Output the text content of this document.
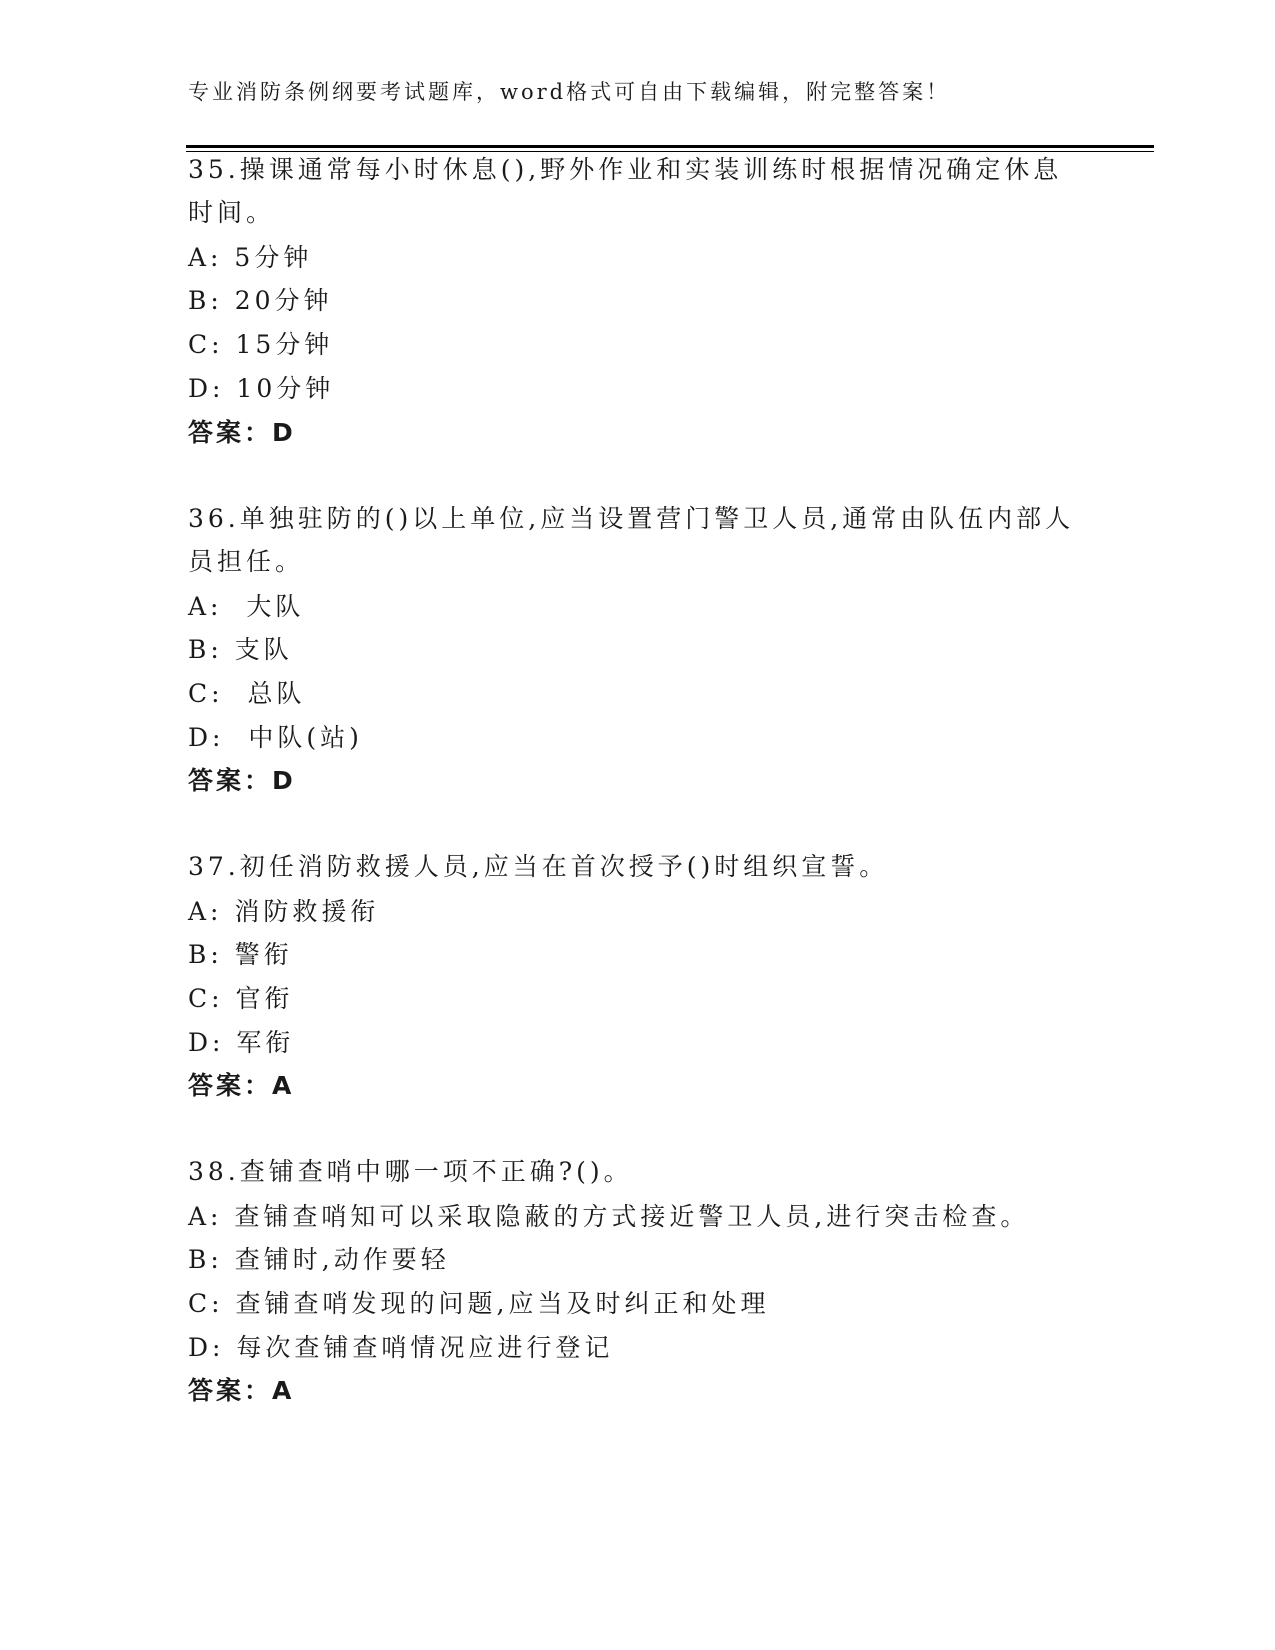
专业消防条例纲要考试题库，word格式可自由下载编辑，附完整答案！
35.操课通常每小时休息(),野外作业和实装训练时根据情况确定休息
时间。
A: 5分钟
B: 20分钟
C: 15分钟
D: 10分钟
答案：D
36.单独驻防的()以上单位,应当设置营门警卫人员,通常由队伍内部人
员担任。
A:  大队
B: 支队
C:  总队
D:  中队(站)
答案：D
37.初任消防救援人员,应当在首次授予()时组织宣誓。
A: 消防救援衔
B: 警衔
C: 官衔
D: 军衔
答案：A
38.查铺查哨中哪一项不正确?()。
A: 查铺查哨知可以采取隐蔽的方式接近警卫人员,进行突击检查。
B: 查铺时,动作要轻
C: 查铺查哨发现的问题,应当及时纠正和处理
D: 每次查铺查哨情况应进行登记
答案：A
